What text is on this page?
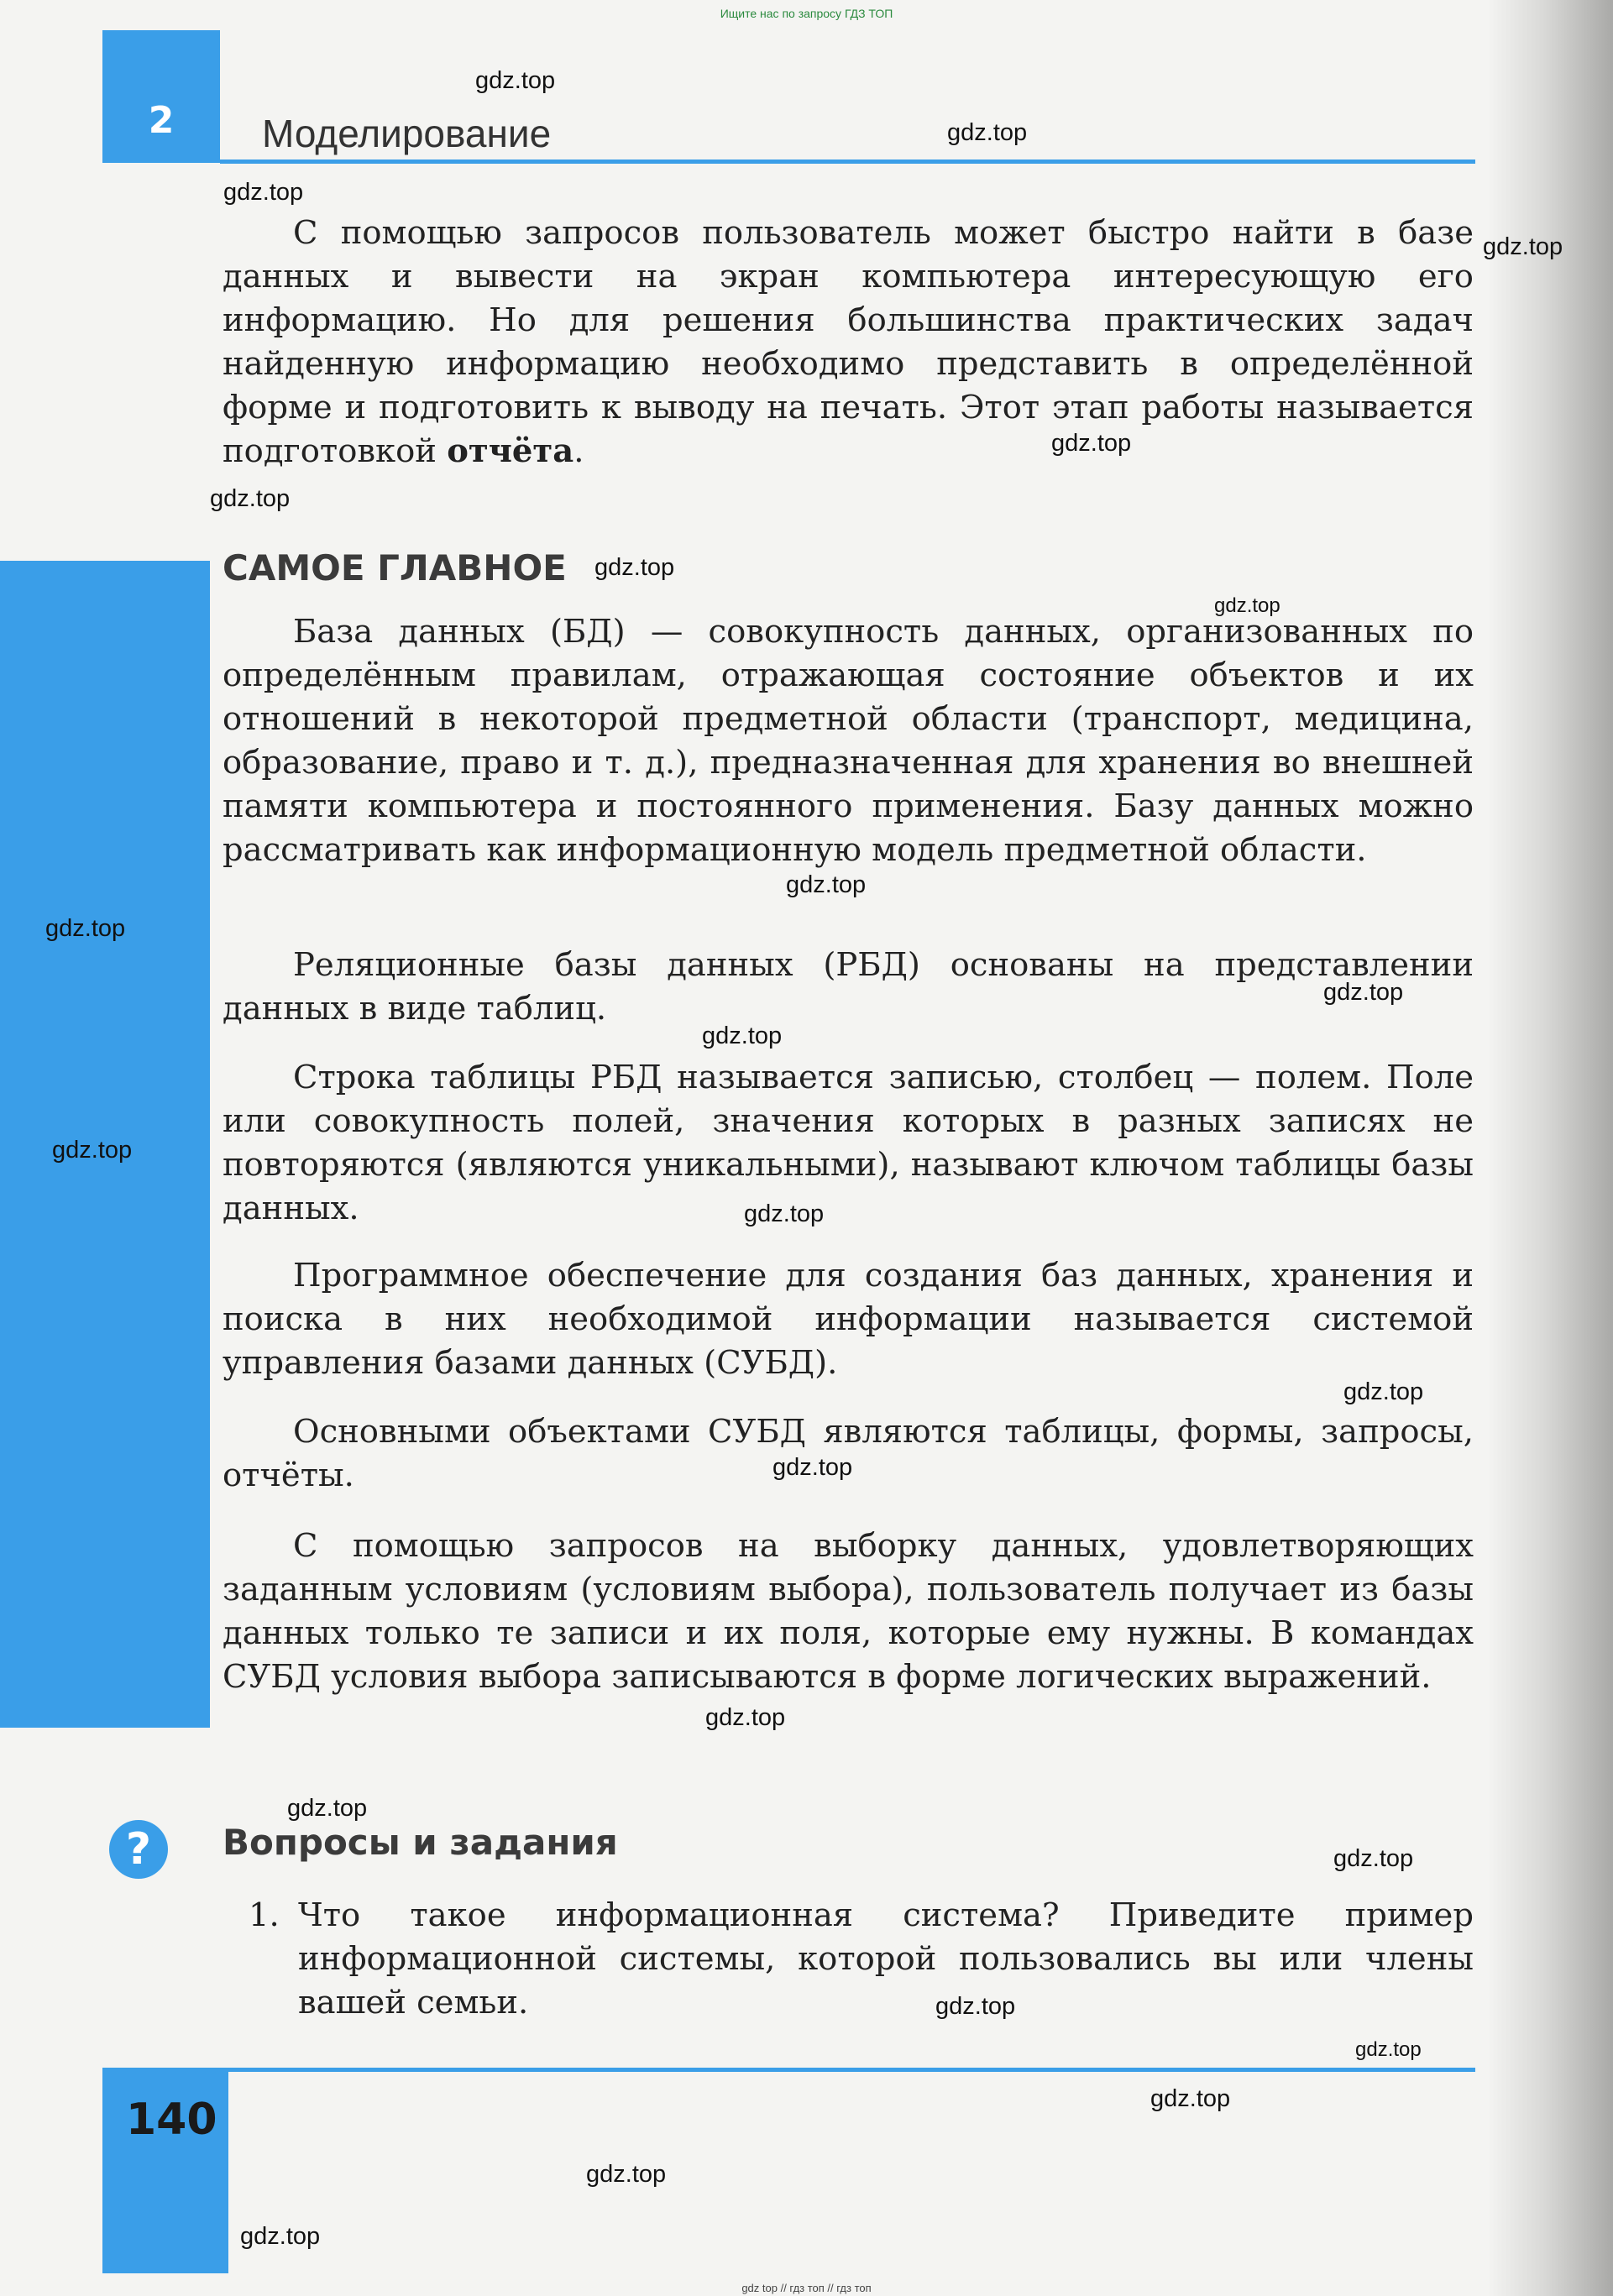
Ищите нас по запросу ГДЗ ТОП
2	Моделирование

С помощью запросов пользователь может быстро найти в базе данных и вывести на экран компьютера интересующую его информацию. Но для решения большинства практических задач найденную информацию необходимо представить в определённой форме и подготовить к выводу на печать. Этот этап работы называется подготовкой отчёта.

САМОЕ ГЛАВНОЕ

База данных (БД) — совокупность данных, организованных по определённым правилам, отражающая состояние объектов и их отношений в некоторой предметной области (транспорт, медицина, образование, право и т. д.), предназначенная для хранения во внешней памяти компьютера и постоянного применения. Базу данных можно рассматривать как информационную модель предметной области.

Реляционные базы данных (РБД) основаны на представлении данных в виде таблиц.

Строка таблицы РБД называется записью, столбец — полем. Поле или совокупность полей, значения которых в разных записях не повторяются (являются уникальными), называют ключом таблицы базы данных.

Программное обеспечение для создания баз данных, хранения и поиска в них необходимой информации называется системой управления базами данных (СУБД).

Основными объектами СУБД являются таблицы, формы, запросы, отчёты.

С помощью запросов на выборку данных, удовлетворяющих заданным условиям (условиям выбора), пользователь получает из базы данных только те записи и их поля, которые ему нужны. В командах СУБД условия выбора записываются в форме логических выражений.

?	Вопросы и задания

1. Что такое информационная система? Приведите пример информационной системы, которой пользовались вы или члены вашей семьи.

140
gdz.top
gdz.top
gdz.top
gdz.top
gdz.top
gdz.top
gdz.top
gdz.top
gdz.top
gdz.top
gdz.top
gdz.top
gdz.top
gdz.top
gdz.top
gdz.top
gdz.top
gdz.top
gdz.top
gdz.top
gdz.top
gdz.top
gdz.top
gdz.top
gdz top // гдз топ // гдз топ
